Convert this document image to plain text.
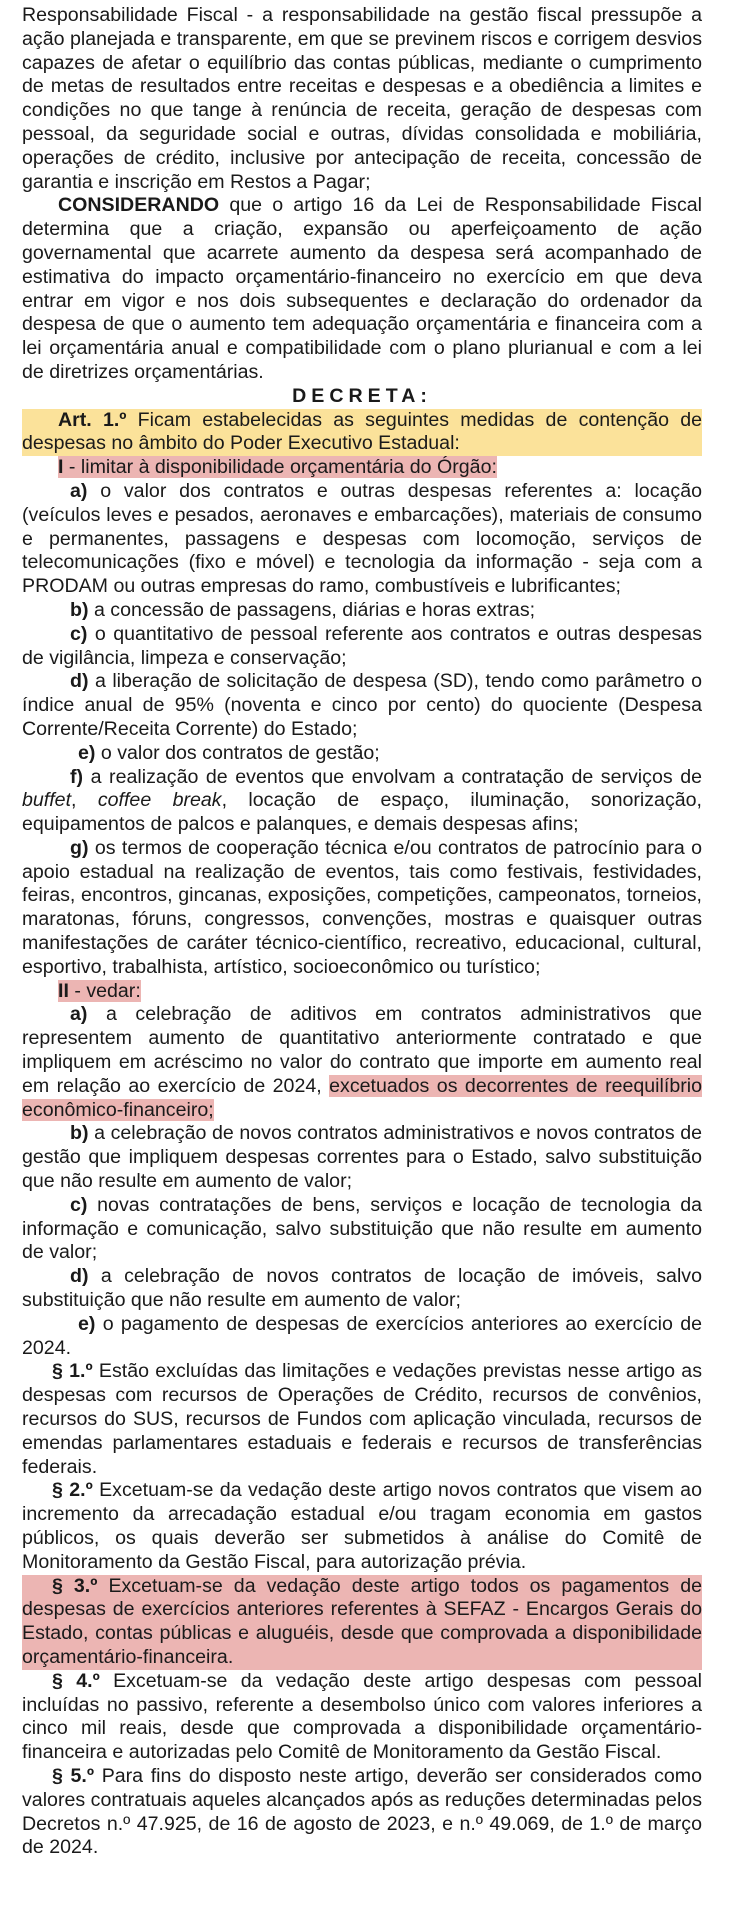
Responsabilidade Fiscal - a responsabilidade na gestão fiscal pressupõe a ação planejada e transparente, em que se previnem riscos e corrigem desvios capazes de afetar o equilíbrio das contas públicas, mediante o cumprimento de metas de resultados entre receitas e despesas e a obediência a limites e condições no que tange à renúncia de receita, geração de despesas com pessoal, da seguridade social e outras, dívidas consolidada e mobiliária, operações de crédito, inclusive por antecipação de receita, concessão de garantia e inscrição em Restos a Pagar;

CONSIDERANDO que o artigo 16 da Lei de Responsabilidade Fiscal determina que a criação, expansão ou aperfeiçoamento de ação governamental que acarrete aumento da despesa será acompanhado de estimativa do impacto orçamentário-financeiro no exercício em que deva entrar em vigor e nos dois subsequentes e declaração do ordenador da despesa de que o aumento tem adequação orçamentária e financeira com a lei orçamentária anual e compatibilidade com o plano plurianual e com a lei de diretrizes orçamentárias.

DECRETA:

Art. 1.º Ficam estabelecidas as seguintes medidas de contenção de despesas no âmbito do Poder Executivo Estadual:

I - limitar à disponibilidade orçamentária do Órgão:

a) o valor dos contratos e outras despesas referentes a: locação (veículos leves e pesados, aeronaves e embarcações), materiais de consumo e permanentes, passagens e despesas com locomoção, serviços de telecomunicações (fixo e móvel) e tecnologia da informação - seja com a PRODAM ou outras empresas do ramo, combustíveis e lubrificantes;

b) a concessão de passagens, diárias e horas extras;

c) o quantitativo de pessoal referente aos contratos e outras despesas de vigilância, limpeza e conservação;

d) a liberação de solicitação de despesa (SD), tendo como parâmetro o índice anual de 95% (noventa e cinco por cento) do quociente (Despesa Corrente/Receita Corrente) do Estado;

e) o valor dos contratos de gestão;

f) a realização de eventos que envolvam a contratação de serviços de buffet, coffee break, locação de espaço, iluminação, sonorização, equipamentos de palcos e palanques, e demais despesas afins;

g) os termos de cooperação técnica e/ou contratos de patrocínio para o apoio estadual na realização de eventos, tais como festivais, festividades, feiras, encontros, gincanas, exposições, competições, campeonatos, torneios, maratonas, fóruns, congressos, convenções, mostras e quaisquer outras manifestações de caráter técnico-científico, recreativo, educacional, cultural, esportivo, trabalhista, artístico, socioeconômico ou turístico;

II - vedar:

a) a celebração de aditivos em contratos administrativos que representem aumento de quantitativo anteriormente contratado e que impliquem em acréscimo no valor do contrato que importe em aumento real em relação ao exercício de 2024, excetuados os decorrentes de reequilíbrio econômico-financeiro;

b) a celebração de novos contratos administrativos e novos contratos de gestão que impliquem despesas correntes para o Estado, salvo substituição que não resulte em aumento de valor;

c) novas contratações de bens, serviços e locação de tecnologia da informação e comunicação, salvo substituição que não resulte em aumento de valor;

d) a celebração de novos contratos de locação de imóveis, salvo substituição que não resulte em aumento de valor;

e) o pagamento de despesas de exercícios anteriores ao exercício de 2024.

§ 1.º Estão excluídas das limitações e vedações previstas nesse artigo as despesas com recursos de Operações de Crédito, recursos de convênios, recursos do SUS, recursos de Fundos com aplicação vinculada, recursos de emendas parlamentares estaduais e federais e recursos de transferências federais.

§ 2.º Excetuam-se da vedação deste artigo novos contratos que visem ao incremento da arrecadação estadual e/ou tragam economia em gastos públicos, os quais deverão ser submetidos à análise do Comitê de Monitoramento da Gestão Fiscal, para autorização prévia.

§ 3.º Excetuam-se da vedação deste artigo todos os pagamentos de despesas de exercícios anteriores referentes à SEFAZ - Encargos Gerais do Estado, contas públicas e aluguéis, desde que comprovada a disponibilidade orçamentário-financeira.

§ 4.º Excetuam-se da vedação deste artigo despesas com pessoal incluídas no passivo, referente a desembolso único com valores inferiores a cinco mil reais, desde que comprovada a disponibilidade orçamentário-financeira e autorizadas pelo Comitê de Monitoramento da Gestão Fiscal.

§ 5.º Para fins do disposto neste artigo, deverão ser considerados como valores contratuais aqueles alcançados após as reduções determinadas pelos Decretos n.º 47.925, de 16 de agosto de 2023, e n.º 49.069, de 1.º de março de 2024.
